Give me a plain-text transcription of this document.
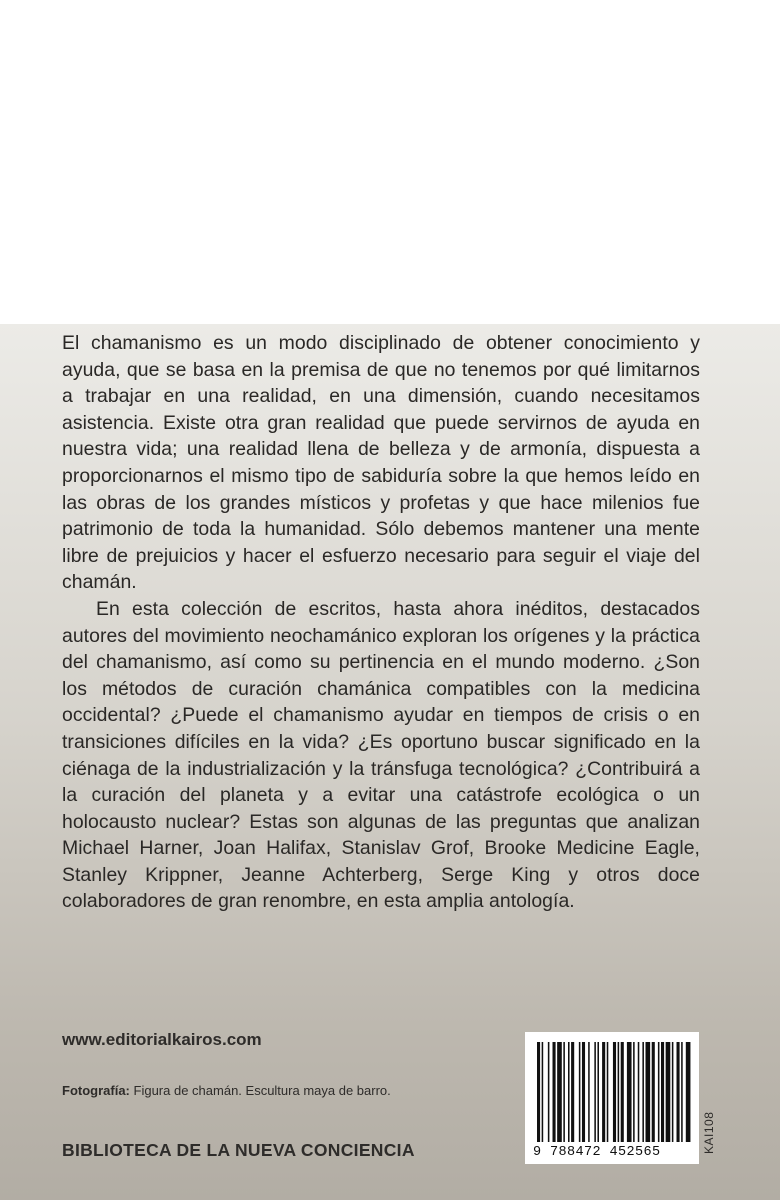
El chamanismo es un modo disciplinado de obtener conocimiento y ayuda, que se basa en la premisa de que no tenemos por qué limitarnos a trabajar en una realidad, en una dimensión, cuando necesitamos asistencia. Existe otra gran realidad que puede servirnos de ayuda en nuestra vida; una realidad llena de belleza y de armonía, dispuesta a proporcionarnos el mismo tipo de sabiduría sobre la que hemos leído en las obras de los grandes místicos y profetas y que hace milenios fue patrimonio de toda la humanidad. Sólo debemos mantener una mente libre de prejuicios y hacer el esfuerzo necesario para seguir el viaje del chamán.

En esta colección de escritos, hasta ahora inéditos, destacados autores del movimiento neochamánico exploran los orígenes y la práctica del chamanismo, así como su pertinencia en el mundo moderno. ¿Son los métodos de curación chamánica compatibles con la medicina occidental? ¿Puede el chamanismo ayudar en tiempos de crisis o en transiciones difíciles en la vida? ¿Es oportuno buscar significado en la ciénaga de la industrialización y la tránsfuga tecnológica? ¿Contribuirá a la curación del planeta y a evitar una catástrofe ecológica o un holocausto nuclear? Estas son algunas de las preguntas que analizan Michael Harner, Joan Halifax, Stanislav Grof, Brooke Medicine Eagle, Stanley Krippner, Jeanne Achterberg, Serge King y otros doce colaboradores de gran renombre, en esta amplia antología.

www.editorialkairos.com
Fotografía: Figura de chamán. Escultura maya de barro.
BIBLIOTECA DE LA NUEVA CONCIENCIA	9 788472 452565	KAI108
